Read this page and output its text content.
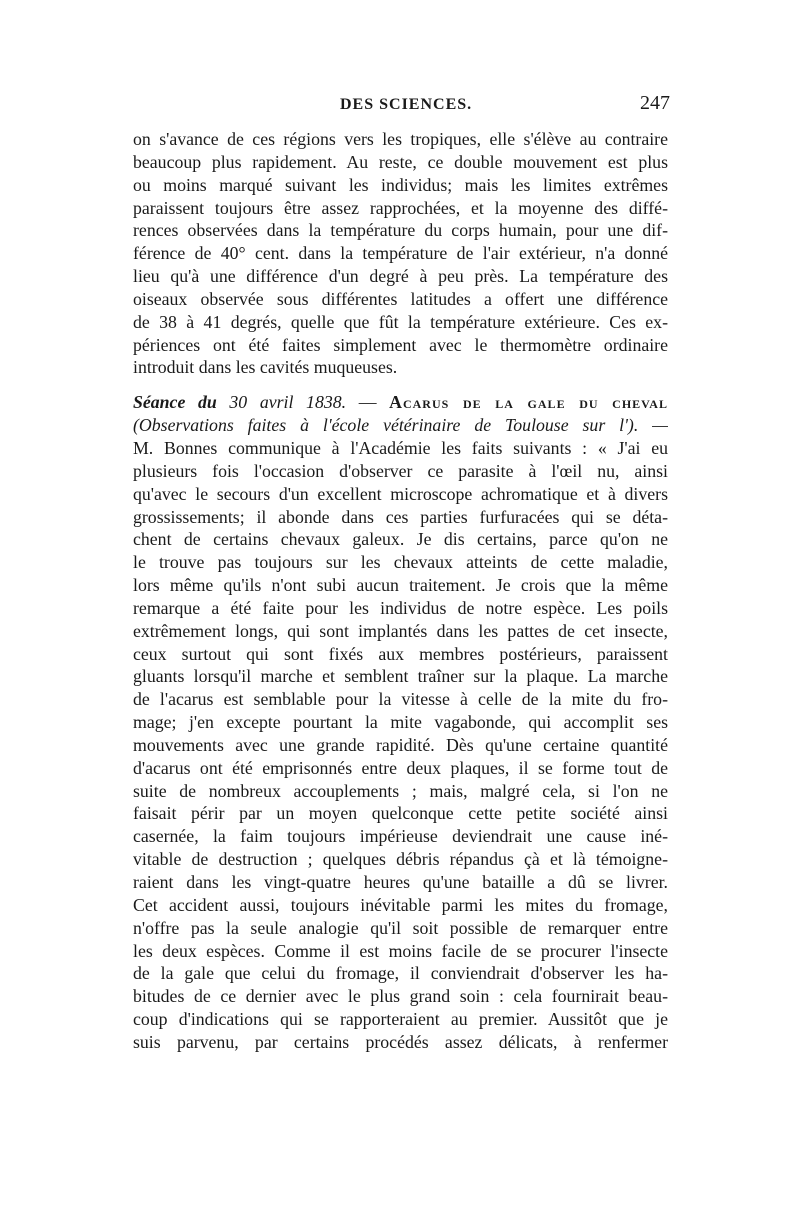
DES SCIENCES.	247
on s'avance de ces régions vers les tropiques, elle s'élève au contraire
beaucoup plus rapidement. Au reste, ce double mouvement est plus
ou moins marqué suivant les individus; mais les limites extrêmes
paraissent toujours être assez rapprochées, et la moyenne des diffé-
rences observées dans la température du corps humain, pour une dif-
férence de 40° cent. dans la température de l'air extérieur, n'a donné
lieu qu'à une différence d'un degré à peu près. La température des
oiseaux observée sous différentes latitudes a offert une différence
de 38 à 41 degrés, quelle que fût la température extérieure. Ces ex-
périences ont été faites simplement avec le thermomètre ordinaire
introduit dans les cavités muqueuses.
Séance du 30 avril 1838. — Acarus de la gale du cheval
(Observations faites à l'école vétérinaire de Toulouse sur l'). —
M. Bonnes communique à l'Académie les faits suivants : « J'ai eu
plusieurs fois l'occasion d'observer ce parasite à l'œil nu, ainsi
qu'avec le secours d'un excellent microscope achromatique et à divers
grossissements; il abonde dans ces parties furfuracées qui se déta-
chent de certains chevaux galeux. Je dis certains, parce qu'on ne
le trouve pas toujours sur les chevaux atteints de cette maladie,
lors même qu'ils n'ont subi aucun traitement. Je crois que la même
remarque a été faite pour les individus de notre espèce. Les poils
extrêmement longs, qui sont implantés dans les pattes de cet insecte,
ceux surtout qui sont fixés aux membres postérieurs, paraissent
gluants lorsqu'il marche et semblent traîner sur la plaque. La marche
de l'acarus est semblable pour la vitesse à celle de la mite du fro-
mage; j'en excepte pourtant la mite vagabonde, qui accomplit ses
mouvements avec une grande rapidité. Dès qu'une certaine quantité
d'acarus ont été emprisonnés entre deux plaques, il se forme tout de
suite de nombreux accouplements ; mais, malgré cela, si l'on ne
faisait périr par un moyen quelconque cette petite société ainsi
casernée, la faim toujours impérieuse deviendrait une cause iné-
vitable de destruction ; quelques débris répandus çà et là témoigne-
raient dans les vingt-quatre heures qu'une bataille a dû se livrer.
Cet accident aussi, toujours inévitable parmi les mites du fromage,
n'offre pas la seule analogie qu'il soit possible de remarquer entre
les deux espèces. Comme il est moins facile de se procurer l'insecte
de la gale que celui du fromage, il conviendrait d'observer les ha-
bitudes de ce dernier avec le plus grand soin : cela fournirait beau-
coup d'indications qui se rapporteraient au premier. Aussitôt que je
suis parvenu, par certains procédés assez délicats, à renfermer
